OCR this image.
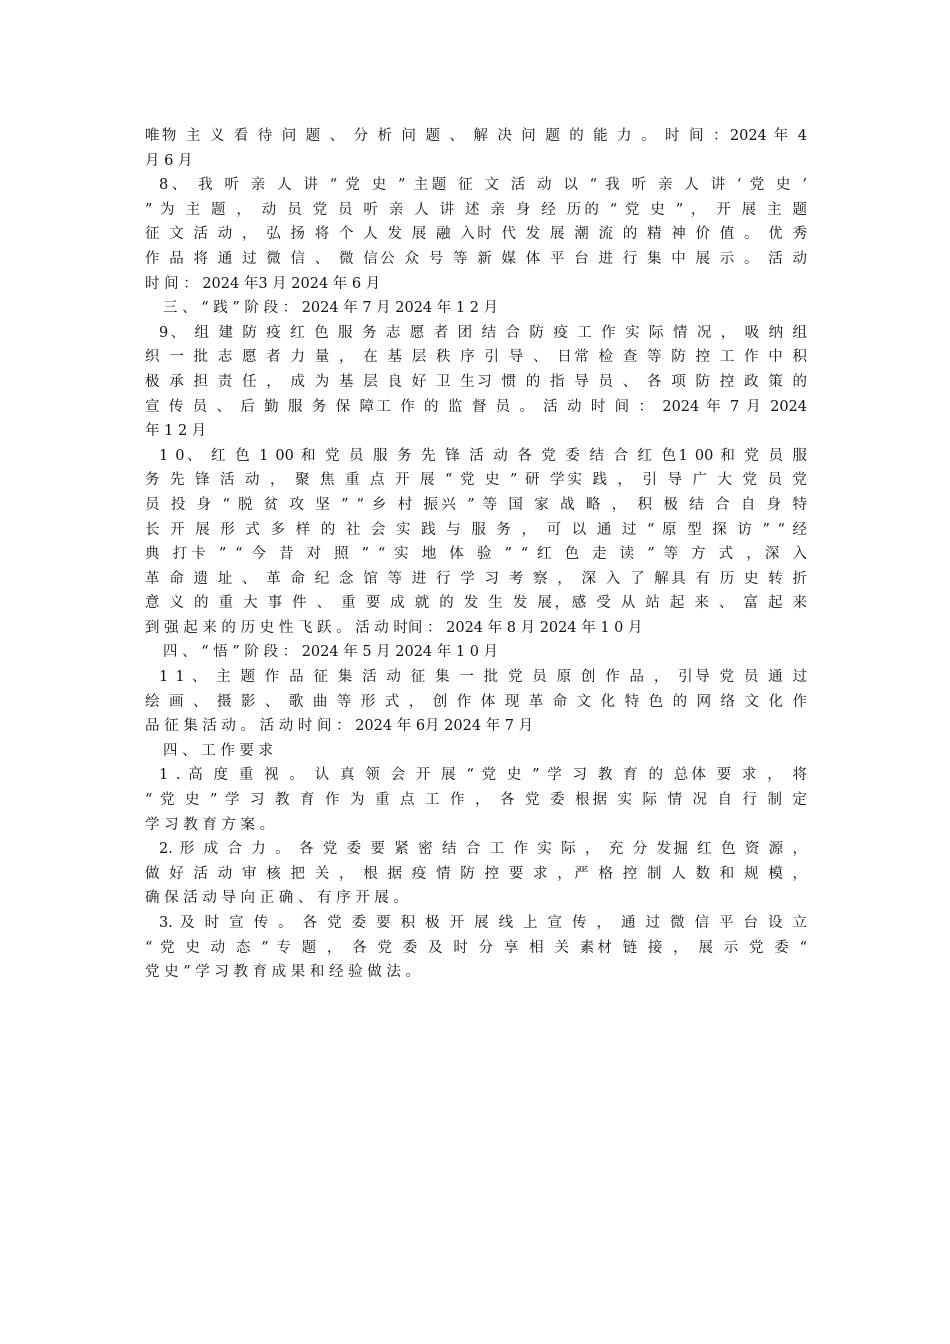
唯物 主 义 看 待 问 题 、 分 析 问 题 、 解 决 问 题 的 能 力 。 时 间 ：2024 年 4
月 6 月
8、 我 听 亲 人 讲 “ 党 史 ” 主题 征 文 活 动 以 “ 我 听 亲 人 讲 ‘ 党 史 ’
” 为 主 题 ， 动 员 党 员 听 亲 人 讲 述 亲 身 经 历的 “ 党 史 ” ， 开 展 主 题
征 文 活 动 ， 弘 扬 将 个 人 发 展 融 入时 代 发 展 潮 流 的 精 神 价 值 。 优 秀
作 品 将 通 过 微 信 、 微 信公 众 号 等 新 媒 体 平 台 进 行 集 中 展 示 。 活 动
时 间 ： 2024 年3 月 2024 年 6 月
三 、 “ 践 ” 阶 段 ： 2024 年 7 月 2024 年 1 2 月
9、 组 建 防 疫 红 色 服 务 志 愿 者 团 结 合 防 疫 工 作 实 际 情 况 ， 吸 纳 组
织 一 批 志 愿 者 力 量 ， 在 基 层 秩 序 引 导 、 日常 检 查 等 防 控 工 作 中 积
极 承 担 责 任 ， 成 为 基 层 良 好 卫 生习 惯 的 指 导 员 、 各 项 防 控 政 策 的
宣 传 员 、 后 勤 服 务 保 障工 作 的 监 督 员 。 活 动 时 间 ： 2024 年 7 月 2024
年 1 2 月
1 0、 红 色 1 00 和 党 员 服 务 先 锋 活 动 各 党 委 结 合 红 色1 00 和 党 员 服
务 先 锋 活 动 ， 聚 焦 重 点 开 展 “ 党 史 ” 研 学实 践 ， 引 导 广 大 党 员 党
员 投 身 “ 脱 贫 攻 坚 ” “ 乡 村 振兴 ” 等 国 家 战 略 ， 积 极 结 合 自 身 特
长 开 展 形 式 多 样 的 社 会 实 践 与 服 务 ， 可 以 通 过 “ 原 型 探 访 ” “ 经
典 打卡 ” “ 今 昔 对 照 ” “ 实 地 体 验 ” “ 红 色 走 读 ” 等 方 式 ，深 入
革 命 遗 址 、 革 命 纪 念 馆 等 进 行 学 习 考 察 ， 深 入 了 解具 有 历 史 转 折
意 义 的 重 大 事 件 、 重 要 成 就 的 发 生 发 展，感 受 从 站 起 来 、 富 起 来
到 强 起 来 的 历 史 性 飞 跃 。 活 动 时间 ： 2024 年 8 月 2024 年 1 0 月
四 、 “ 悟 ” 阶 段 ： 2024 年 5 月 2024 年 1 0 月
1 1 、 主 题 作 品 征 集 活 动 征 集 一 批 党 员 原 创 作 品 ， 引导 党 员 通 过
绘 画 、 摄 影 、 歌 曲 等 形 式 ， 创 作 体 现 革 命 文 化 特 色 的 网 络 文 化 作
品 征 集 活 动 。 活 动 时 间 ： 2024 年 6月 2024 年 7 月
四 、 工 作 要 求
1 . 高 度 重 视 。 认 真 领 会 开 展 “ 党 史 ” 学 习 教 育 的 总体 要 求 ， 将
“ 党 史 ” 学 习 教 育 作 为 重 点 工 作 ， 各 党 委 根据 实 际 情 况 自 行 制 定
学 习 教 育 方 案 。
2. 形 成 合 力 。 各 党 委 要 紧 密 结 合 工 作 实 际 ， 充 分 发掘 红 色 资 源 ，
做 好 活 动 审 核 把 关 ， 根 据 疫 情 防 控 要 求 ，严 格 控 制 人 数 和 规 模 ，
确 保 活 动 导 向 正 确 、 有 序 开 展 。
3. 及 时 宣 传 。 各 党 委 要 积 极 开 展 线 上 宣 传 ， 通 过 微 信 平 台 设 立
“ 党 史 动 态 ” 专 题 ， 各 党 委 及 时 分 享 相 关 素材 链 接 ， 展 示 党 委 “
党 史 ” 学 习 教 育 成 果 和 经 验 做 法 。
